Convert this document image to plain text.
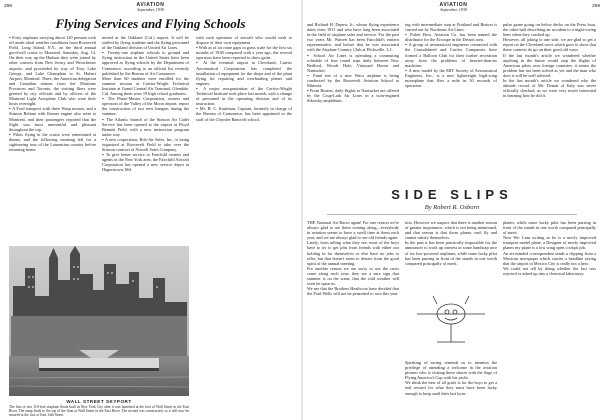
296	AVIATION
September, 1938
Flying Services and Flying Schools

▪ Forty airplanes carrying about 120 persons took off under ideal weather conditions from Roosevelt Field, Long Island, N.Y., on the third annual good-will cruise to Montreal. Saturday, Aug. 14. On their way up the Hudson they were joined by other cruisers from New Jersey and Westchester airports, and proceeded by way of Troy, Lake George, and Lake Champlain to St. Hubert Airport, Montreal. There, the American delegation and Canadian airmen from the Maritime Provinces and Toronto, the visiting fliers were greeted by city officials and by officers of the Montreal Light Aeroplane Club who were their hosts overnight.

▪ A Ford transport with three Wasp motors, and a Stinson Reliant with Kinner engine also went to Montreal, and their passengers reported that the flight was most uneventful and pleasant throughout the trip.

▪ Pilots flying in the cruise were entertained at dinner, and the following morning left for a sightseeing tour of the Laurentian country before returning home.

nected at the Oakland (Cal.) airport. It will be staffed by flying students and the flying personnel of the Oakland division of United Air Lines.

▪ Twenty-one airplane schools to ground and flying instruction in the United States have been approved as flying schools by the Department of Commerce, according to an official list recently published by the Bureau of Air Commerce.

More than 60 students were enrolled for the summer session at Curtiss-Wright Technical Institute at Grand Central Air Terminal, Glendale, Cal. Among them were 18 high school graduates.

▪ The Phase-Master Corporation, owners and operators of the Valley of the Moon airport, report the construction of two new hangars during the summer.

▪ The Atlantic branch of the Stinson Air Cadet Service has been opened at the airport at Floyd Bennett Field, with a new instruction program under way.

▪ A new corporation, Rob-Air Sales, Inc., is being organized at Roosevelt Field to take over the Stinson contract of Airwell Sales Company.

▪ To give better service to Fairchild owners and agents in the New York area, the Fairchild Aircraft Corporation has opened a new service depot at Hagerstown, Md.

with such operators of aircraft who would wish to dispose of their own equipment.

▪ With as of air route gaps in grass scale for the first six months of 1938 compared with a year ago, the several operators have been reported to show gains.

▪ At the eventual airport in Cleveland, Curtiss Aeronautical Corporation has completed the installation of equipment for the shops and of the plant flying for repairing and overhauling planes and engines.

▪ A major reorganization of the Curtiss-Wright Technical Institute took place last month, with a change of personnel in the operating division and of its instruction.

▪ Mr. H. C. Kaufman, Captain, formerly in charge of the Bureau of Commerce, has been appointed to the staff of the Chrysler Bancroft school.

WALL STREET SKYPORT
The first of two 110-foot seaplane floats built in New York City after it was launched at the foot of Wall Street in the East River. The ramp leads to the top of the float at Wall Street in the East River. The second was constructed, so it will now be moored at the foot of East 34th Street.
AVIATION
September, 1938
299

and Richard H. Depew, Jr., whose flying experience dates from 1911 and who have long been associated in the field of airplane sales and service. For the past two years Mr. Warren has been Fairchild's eastern representative, and before that he was associated with the Airplane Country Club at Hicksville, L.I.

▪ School Air Lines is operating a commuting schedule of four round trips daily between New Bedford, Woods Hole, Vineyard Haven and Nantucket.

▪ Final test of a new Waco airplane is being conducted by the Roosevelt Aviation School at Mineola.

▪ From Boston, daily flights to Nantucket are offered by the Coup-Lark Air Lines in a twin-engined Sikorsky amphibian.

ing with intermediate stop at Portland and Boston is carried out by Northeast Air Lines.

▪ Fisher Bros. Aviation Co. has been named the distributor for the Ercoupe in the Detroit area.

▪ A group of aeronautical engineers connected with the Consolidated and Curtiss Companies have formed a Balloon Club for their further recreation away from the problems of heavier-than-air machines.

▪ A new model by the MIT Society of Aeronautical Engineers, Inc., is a new lightweight high-wing monoplane that flies a mile in 50 seconds of operation.

pulse game going on below decks on the Press boat, the other half describing an accident to a night-owing liner when they cracked up.

However, all joking to one side, we are glad to get a report on the Cleveland races which goes to show that these contests do go on their good old ways.

If the last month's article we wondered whether anything in the future would stop the flights of American pilots over foreign countries; it seems the problem has not been solved as yet and the man who does it will be well advised.

In the last month's article we wondered why the altitude record of Mr. Donati of Italy was never officially checked, as we were very much interested in learning how he did it.

SIDE SLIPS
By Robert R. Osborn

THE National Air Races again! For one reason we're always glad to see them coming along—everybody in aviation seems to have a swell time at them each year, and we are always glad to see old friends again.

Lately, from telling what they see, most of the boys have to try to get jobs from friends with either our holding in for themselves or else have no jobs to offer, but that doesn't seem to detract from the good spirit of the annual meeting.

For another reason we are sorry to see the races come along each year: they are a sure sign that summer is on the wane, that the cold weather will soon be upon us.

We see that the Brothers Heathcote have decided that the Ford Wells will not be permitted to race this year.

tion. However we suspect that there is another reason of greater importance, which is not being mentioned, and that reason is that those planes can't fly and cannot satisfy themselves.

In the past it has been practically impossible for the announcer to work up interest in some handicap race of six low-powered airplanes, while some lucky pilot has been purring in front of the stands in one worth compared principally of merit.

Speaking of racing reminds us to mention the privilege of attending a welcome in the aviation pioneer who is visiting these shores with the Sage of Flying America's Cup with his yacht.

We think the best of all goals is for the boys to get a real reward for what they must have been lucky enough to keep until their last hour.

planes, while some lucky pilot has been purring in front of the stands in one worth compared principally of merit.

Now We: Lam writing as he is a newly improved transport model plane, a Designer of newly improved planes my plane is a low wing open cockpit job.

An air-minded correspondent sends a clipping from a Mexican newspaper which carries a headline saying that the airport in Mexico City is really not a hero.

We could not tell by doing whether the fact was rejected or asked up into a chemical laboratory.
